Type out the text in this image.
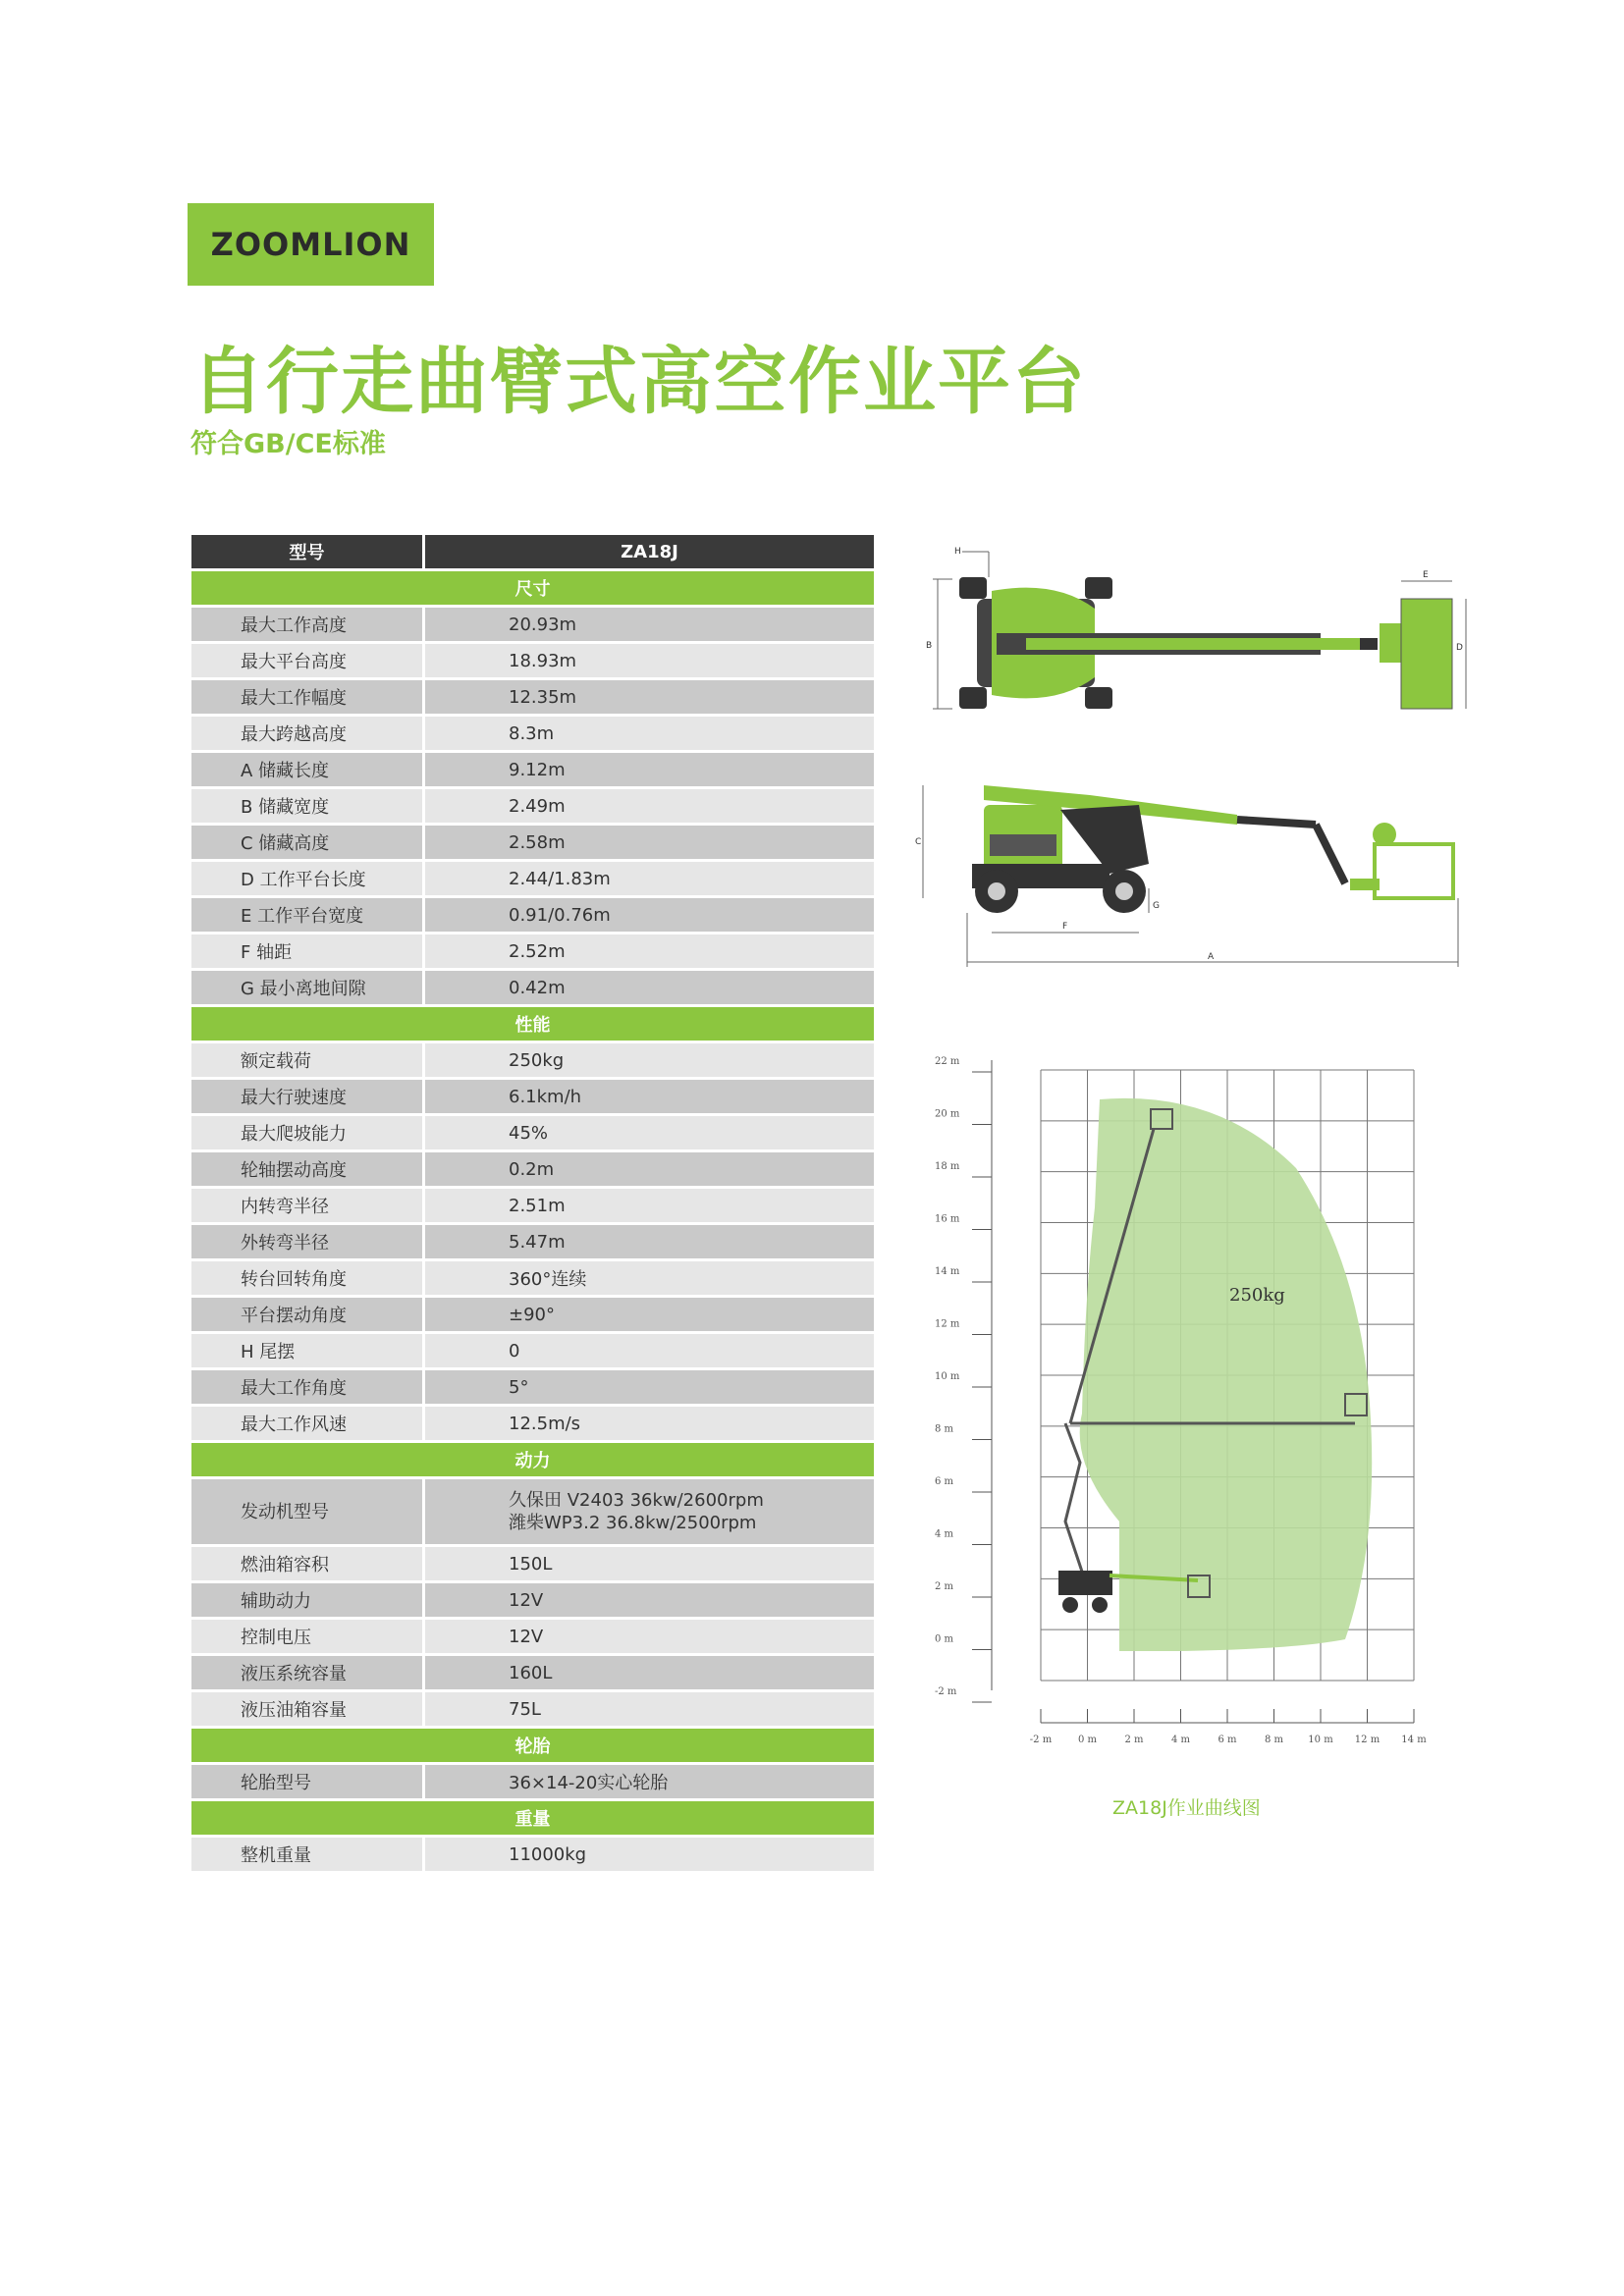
ZOOMLION
自行走曲臂式高空作业平台
符合GB/CE标准
型号	ZA18J
尺寸	
最大工作高度	20.93m
最大平台高度	18.93m
最大工作幅度	12.35m
最大跨越高度	8.3m
A 储藏长度	9.12m
B 储藏宽度	2.49m
C 储藏高度	2.58m
D 工作平台长度	2.44/1.83m
E 工作平台宽度	0.91/0.76m
F 轴距	2.52m
G 最小离地间隙	0.42m
性能	
额定载荷	250kg
最大行驶速度	6.1km/h
最大爬坡能力	45%
轮轴摆动高度	0.2m
内转弯半径	2.51m
外转弯半径	5.47m
转台回转角度	360°连续
平台摆动角度	±90°
H 尾摆	0
最大工作角度	5°
最大工作风速	12.5m/s
动力	
发动机型号	久保田 V2403 36kw/2600rpm
潍柴WP3.2 36.8kw/2500rpm

燃油箱容积	150L
辅助动力	12V
控制电压	12V
液压系统容量	160L
液压油箱容量	75L
轮胎	
轮胎型号	36×14-20实心轮胎
重量	
整机重量	11000kg
H
E
B	D
C
G
F
A
250kg
22 m
20 m
18 m
16 m
14 m
12 m
10 m
8 m
6 m
4 m
2 m
0 m
-2 m
-2 m	0 m	2 m	4 m	6 m	8 m	10 m 12 m 14 m
ZA18J作业曲线图
